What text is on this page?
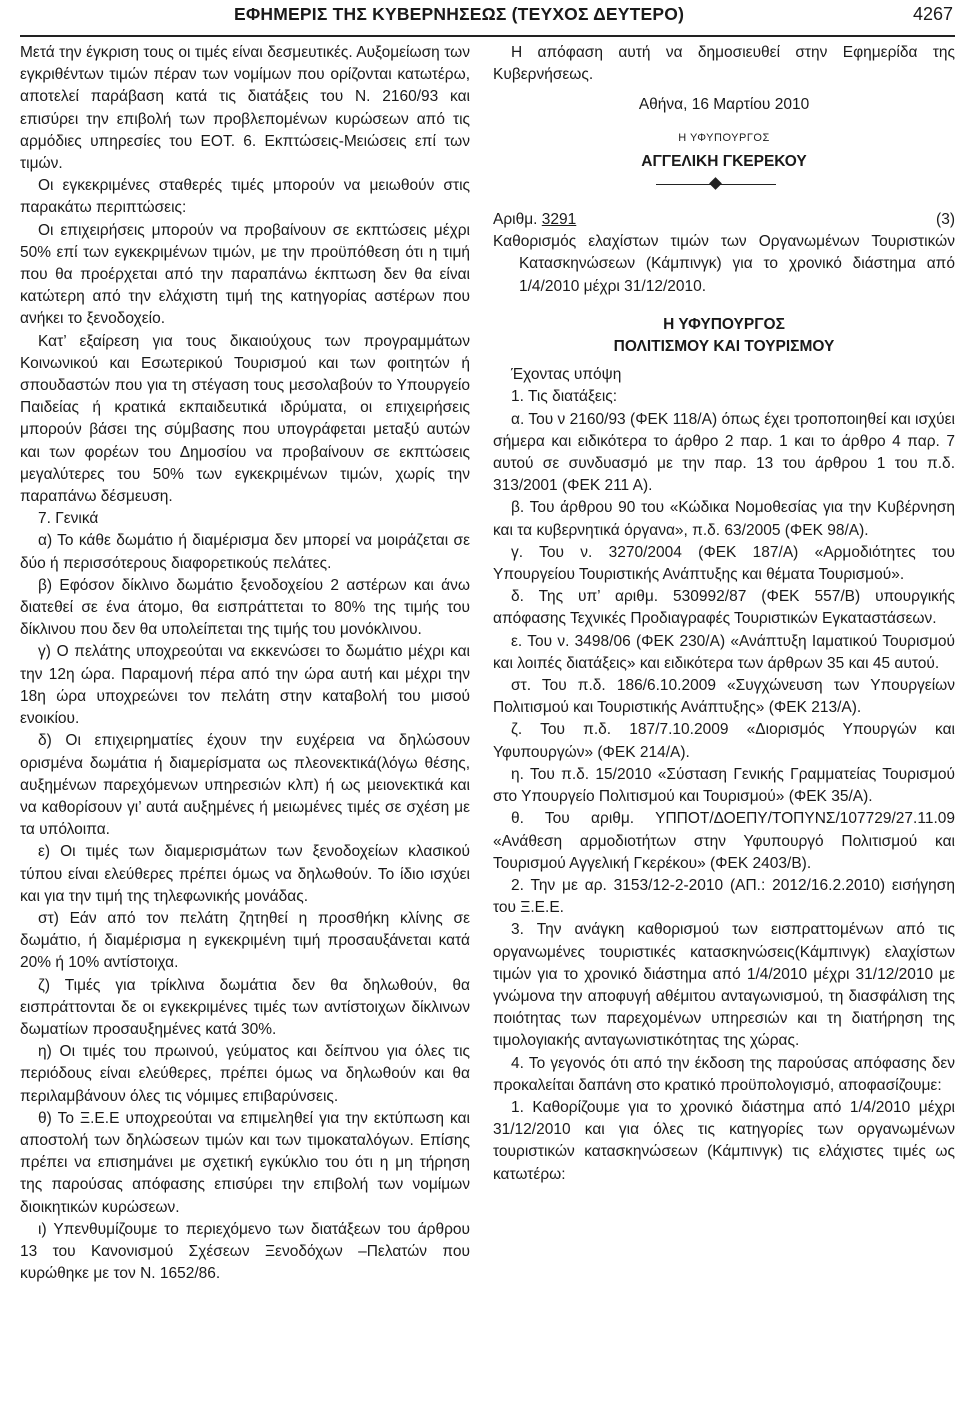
ΕΦΗΜΕΡΙΣ ΤΗΣ ΚΥΒΕΡΝΗΣΕΩΣ (ΤΕΥΧΟΣ ΔΕΥΤΕΡΟ)	4267

Μετά την έγκριση τους οι τιμές είναι δεσμευτικές. Αυξομείωση των εγκριθέντων τιμών πέραν των νομίμων που ορίζονται κατωτέρω, αποτελεί παράβαση κατά τις διατάξεις του Ν. 2160/93 και επισύρει την επιβολή των προβλεπομένων κυρώσεων από τις αρμόδιες υπηρεσίες του ΕΟΤ. 6. Εκπτώσεις-Μειώσεις επί των τιμών.

Οι εγκεκριμένες σταθερές τιμές μπορούν να μειωθούν στις παρακάτω περιπτώσεις:

Οι επιχειρήσεις μπορούν να προβαίνουν σε εκπτώσεις μέχρι 50% επί των εγκεκριμένων τιμών, με την προϋπόθεση ότι η τιμή που θα προέρχεται από την παραπάνω έκπτωση δεν θα είναι κατώτερη από την ελάχιστη τιμή της κατηγορίας αστέρων που ανήκει το ξενοδοχείο.

Κατ’ εξαίρεση για τους δικαιούχους των προγραμμάτων Κοινωνικού και Εσωτερικού Τουρισμού και των φοιτητών ή σπουδαστών που για τη στέγαση τους μεσολαβούν το Υπουργείο Παιδείας ή κρατικά εκπαιδευτικά ιδρύματα, οι επιχειρήσεις μπορούν βάσει της σύμβασης που υπογράφεται μεταξύ αυτών και των φορέων του Δημοσίου να προβαίνουν σε εκπτώσεις μεγαλύτερες του 50% των εγκεκριμένων τιμών, χωρίς την παραπάνω δέσμευση.

7. Γενικά

α) Το κάθε δωμάτιο ή διαμέρισμα δεν μπορεί να μοιράζεται σε δύο ή περισσότερους διαφορετικούς πελάτες.

β) Εφόσον δίκλινο δωμάτιο ξενοδοχείου 2 αστέρων και άνω διατεθεί σε ένα άτομο, θα εισπράττεται το 80% της τιμής του δίκλινου που δεν θα υπολείπεται της τιμής του μονόκλινου.

γ) Ο πελάτης υποχρεούται να εκκενώσει το δωμάτιο μέχρι και την 12η ώρα. Παραμονή πέρα από την ώρα αυτή και μέχρι την 18η ώρα υποχρεώνει τον πελάτη στην καταβολή του μισού ενοικίου.

δ) Οι επιχειρηματίες έχουν την ευχέρεια να δηλώσουν ορισμένα δωμάτια ή διαμερίσματα ως πλεονεκτικά(λόγω θέσης, αυξημένων παρεχόμενων υπηρεσιών κλπ) ή ως μειονεκτικά και να καθορίσουν γι’ αυτά αυξημένες ή μειωμένες τιμές σε σχέση με τα υπόλοιπα.

ε) Οι τιμές των διαμερισμάτων των ξενοδοχείων κλασικού τύπου είναι ελεύθερες πρέπει όμως να δηλωθούν. Το ίδιο ισχύει και για την τιμή της τηλεφωνικής μονάδας.

στ) Εάν από τον πελάτη ζητηθεί η προσθήκη κλίνης σε δωμάτιο, ή διαμέρισμα η εγκεκριμένη τιμή προσαυξάνεται κατά 20% ή 10% αντίστοιχα.

ζ) Τιμές για τρίκλινα δωμάτια δεν θα δηλωθούν, θα εισπράττονται δε οι εγκεκριμένες τιμές των αντίστοιχων δίκλινων δωματίων προσαυξημένες κατά 30%.

η) Οι τιμές του πρωινού, γεύματος και δείπνου για όλες τις περιόδους είναι ελεύθερες, πρέπει όμως να δηλωθούν και θα περιλαμβάνουν όλες τις νόμιμες επιβαρύνσεις.

θ) Το Ξ.Ε.Ε υποχρεούται να επιμεληθεί για την εκτύπωση και αποστολή των δηλώσεων τιμών και των τιμοκαταλόγων. Επίσης πρέπει να επισημάνει με σχετική εγκύκλιο του ότι η μη τήρηση της παρούσας απόφασης επισύρει την επιβολή των νομίμων διοικητικών κυρώσεων.

ι) Υπενθυμίζουμε το περιεχόμενο των διατάξεων του άρθρου 13 του Κανονισμού Σχέσεων Ξενοδόχων –Πελατών που κυρώθηκε με τον Ν. 1652/86.

Η απόφαση αυτή να δημοσιευθεί στην Εφημερίδα της Κυβερνήσεως.

Αθήνα, 16 Μαρτίου 2010

Η ΥΦΥΠΟΥΡΓΟΣ

ΑΓΓΕΛΙΚΗ ΓΚΕΡΕΚΟΥ

Αριθμ. 3291	(3)

Καθορισμός ελαχίστων τιμών των Οργανωμένων Τουριστικών Κατασκηνώσεων (Κάμπινγκ) για το χρονικό διάστημα από 1/4/2010 μέχρι 31/12/2010.

Η ΥΦΥΠΟΥΡΓΟΣ

ΠΟΛΙΤΙΣΜΟΥ ΚΑΙ ΤΟΥΡΙΣΜΟΥ

Έχοντας υπόψη

1. Τις διατάξεις:

α. Του ν 2160/93 (ΦΕΚ 118/Α) όπως έχει τροποποιηθεί και ισχύει σήμερα και ειδικότερα το άρθρο 2 παρ. 1 και το άρθρο 4 παρ. 7 αυτού σε συνδυασμό με την παρ. 13 του άρθρου 1 του π.δ. 313/2001 (ΦΕΚ 211 Α).

β. Του άρθρου 90 του «Κώδικα Νομοθεσίας για την Κυβέρνηση και τα κυβερνητικά όργανα», π.δ. 63/2005 (ΦΕΚ 98/Α).

γ. Του ν. 3270/2004 (ΦΕΚ 187/Α) «Αρμοδιότητες του Υπουργείου Τουριστικής Ανάπτυξης και θέματα Τουρισμού».

δ. Της υπ’ αριθμ. 530992/87 (ΦΕΚ 557/Β) υπουργικής απόφασης Τεχνικές Προδιαγραφές Τουριστικών Εγκαταστάσεων.

ε. Του ν. 3498/06 (ΦΕΚ 230/Α) «Ανάπτυξη Ιαματικού Τουρισμού και λοιπές διατάξεις» και ειδικότερα των άρθρων 35 και 45 αυτού.

στ. Του π.δ. 186/6.10.2009 «Συγχώνευση των Υπουργείων Πολιτισμού και Τουριστικής Ανάπτυξης» (ΦΕΚ 213/Α).

ζ. Του π.δ. 187/7.10.2009 «Διορισμός Υπουργών και Υφυπουργών» (ΦΕΚ 214/Α).

η. Του π.δ. 15/2010 «Σύσταση Γενικής Γραμματείας Τουρισμού στο Υπουργείο Πολιτισμού και Τουρισμού» (ΦΕΚ 35/Α).

θ. Του αριθμ. ΥΠΠΟΤ/ΔΟΕΠΥ/ΤΟΠΥΝΣ/107729/27.11.09 «Ανάθεση αρμοδιοτήτων στην Υφυπουργό Πολιτισμού και Τουρισμού Αγγελική Γκερέκου» (ΦΕΚ 2403/Β).

2. Την με αρ. 3153/12-2-2010 (ΑΠ.: 2012/16.2.2010) εισήγηση του Ξ.Ε.Ε.

3. Την ανάγκη καθορισμού των εισπραττομένων από τις οργανωμένες τουριστικές κατασκηνώσεις(Κάμπινγκ) ελαχίστων τιμών για το χρονικό διάστημα από 1/4/2010 μέχρι 31/12/2010 με γνώμονα την αποφυγή αθέμιτου ανταγωνισμού, τη διασφάλιση της ποιότητας των παρεχομένων υπηρεσιών και τη διατήρηση της τιμολογιακής ανταγωνιστικότητας της χώρας.

4. Το γεγονός ότι από την έκδοση της παρούσας απόφασης δεν προκαλείται δαπάνη στο κρατικό προϋπολογισμό, αποφασίζουμε:

1. Καθορίζουμε για το χρονικό διάστημα από 1/4/2010 μέχρι 31/12/2010 και για όλες τις κατηγορίες των οργανωμένων τουριστικών κατασκηνώσεων (Κάμπινγκ) τις ελάχιστες τιμές ως κατωτέρω:
